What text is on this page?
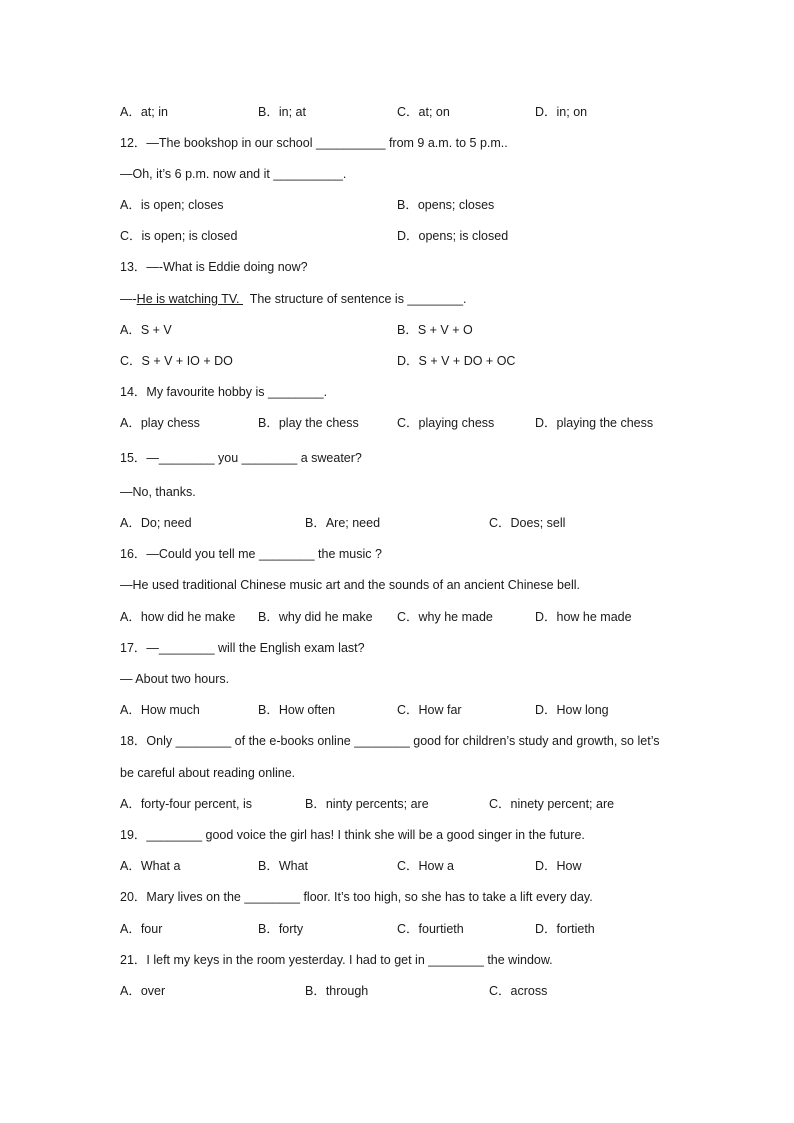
A．at; in	B．in; at	C．at; on	D．in; on
12．—The bookshop in our school __________ from 9 a.m. to 5 p.m..
—Oh, it’s 6 p.m. now and it __________.
A．is open; closes	B．opens; closes
C．is open; is closed	D．opens; is closed
13．—-What is Eddie doing now?
—-He is watching TV.   The structure of sentence is ________.
A．S + V	B．S + V + O
C．S + V + IO + DO	D．S + V + DO + OC
14．My favourite hobby is ________.
A．play chess	B．play the chess	C．playing chess	D．playing the chess
15．—________ you ________ a sweater?
—No, thanks.
A．Do; need	B．Are; need	C．Does; sell
16．—Could you tell me ________ the music ?
—He used traditional Chinese music art and the sounds of an ancient Chinese bell.
A．how did he make B．why did he make C．why he made	D．how he made
17．—________ will the English exam last?
— About two hours.
A．How much	B．How often	C．How far	D．How long
18．Only ________ of the e-books online ________ good for children’s study and growth, so let’s
be careful about reading online.
A．forty-four percent, is	B．ninty percents; are	C．ninety percent; are
19．________ good voice the girl has! I think she will be a good singer in the future.
A．What a	B．What	C．How a	D．How
20．Mary lives on the ________ floor. It’s too high, so she has to take a lift every day.
A．four	B．forty	C．fourtieth	D．fortieth
21．I left my keys in the room yesterday. I had to get in ________ the window.
A．over	B．through	C．across
